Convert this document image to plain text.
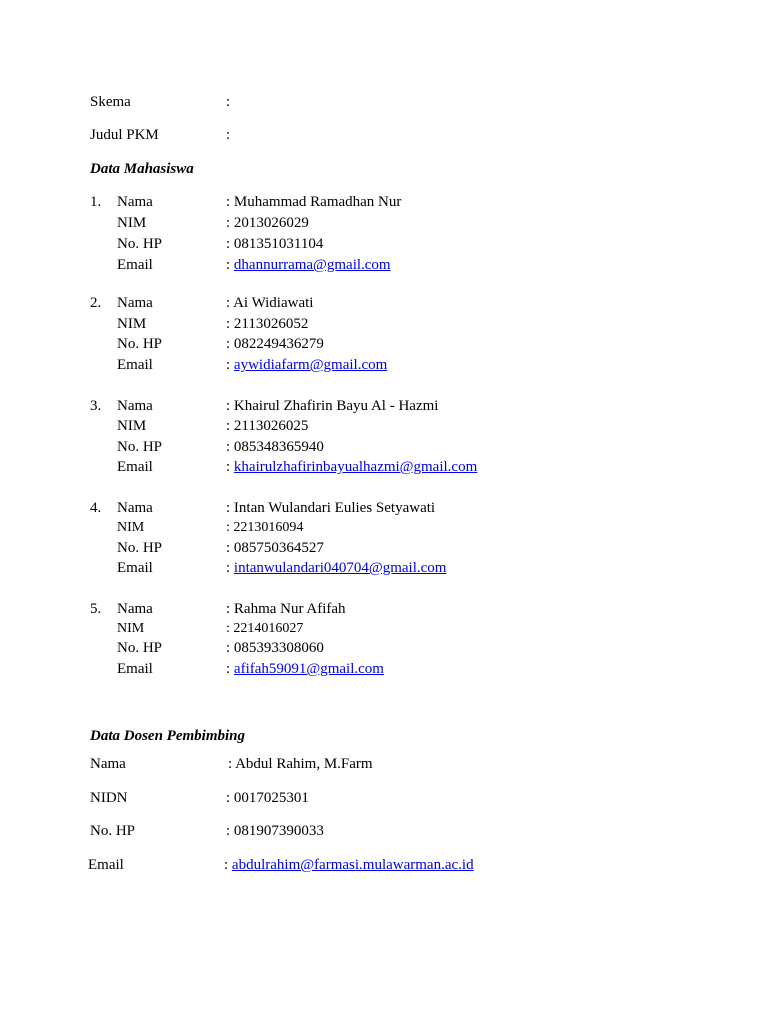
Skema	:
Judul PKM	:
Data Mahasiswa
1. Nama	: Muhammad Ramadhan Nur
NIM	: 2013026029
No. HP	: 081351031104
Email	: dhannurrama@gmail.com
2. Nama	: Ai Widiawati
NIM	: 2113026052
No. HP	: 082249436279
Email	: aywidiafarm@gmail.com
3. Nama	: Khairul Zhafirin Bayu Al - Hazmi
NIM	: 2113026025
No. HP	: 085348365940
Email	: khairulzhafirinbayualhazmi@gmail.com
4. Nama	: Intan Wulandari Eulies Setyawati
NIM	: 2213016094
No. HP	: 085750364527
Email	: intanwulandari040704@gmail.com
5. Nama	: Rahma Nur Afifah
NIM	: 2214016027
No. HP	: 085393308060
Email	: afifah59091@gmail.com
Data Dosen Pembimbing
Nama	: Abdul Rahim, M.Farm
NIDN	: 0017025301
No. HP	: 081907390033
Email	: abdulrahim@farmasi.mulawarman.ac.id
